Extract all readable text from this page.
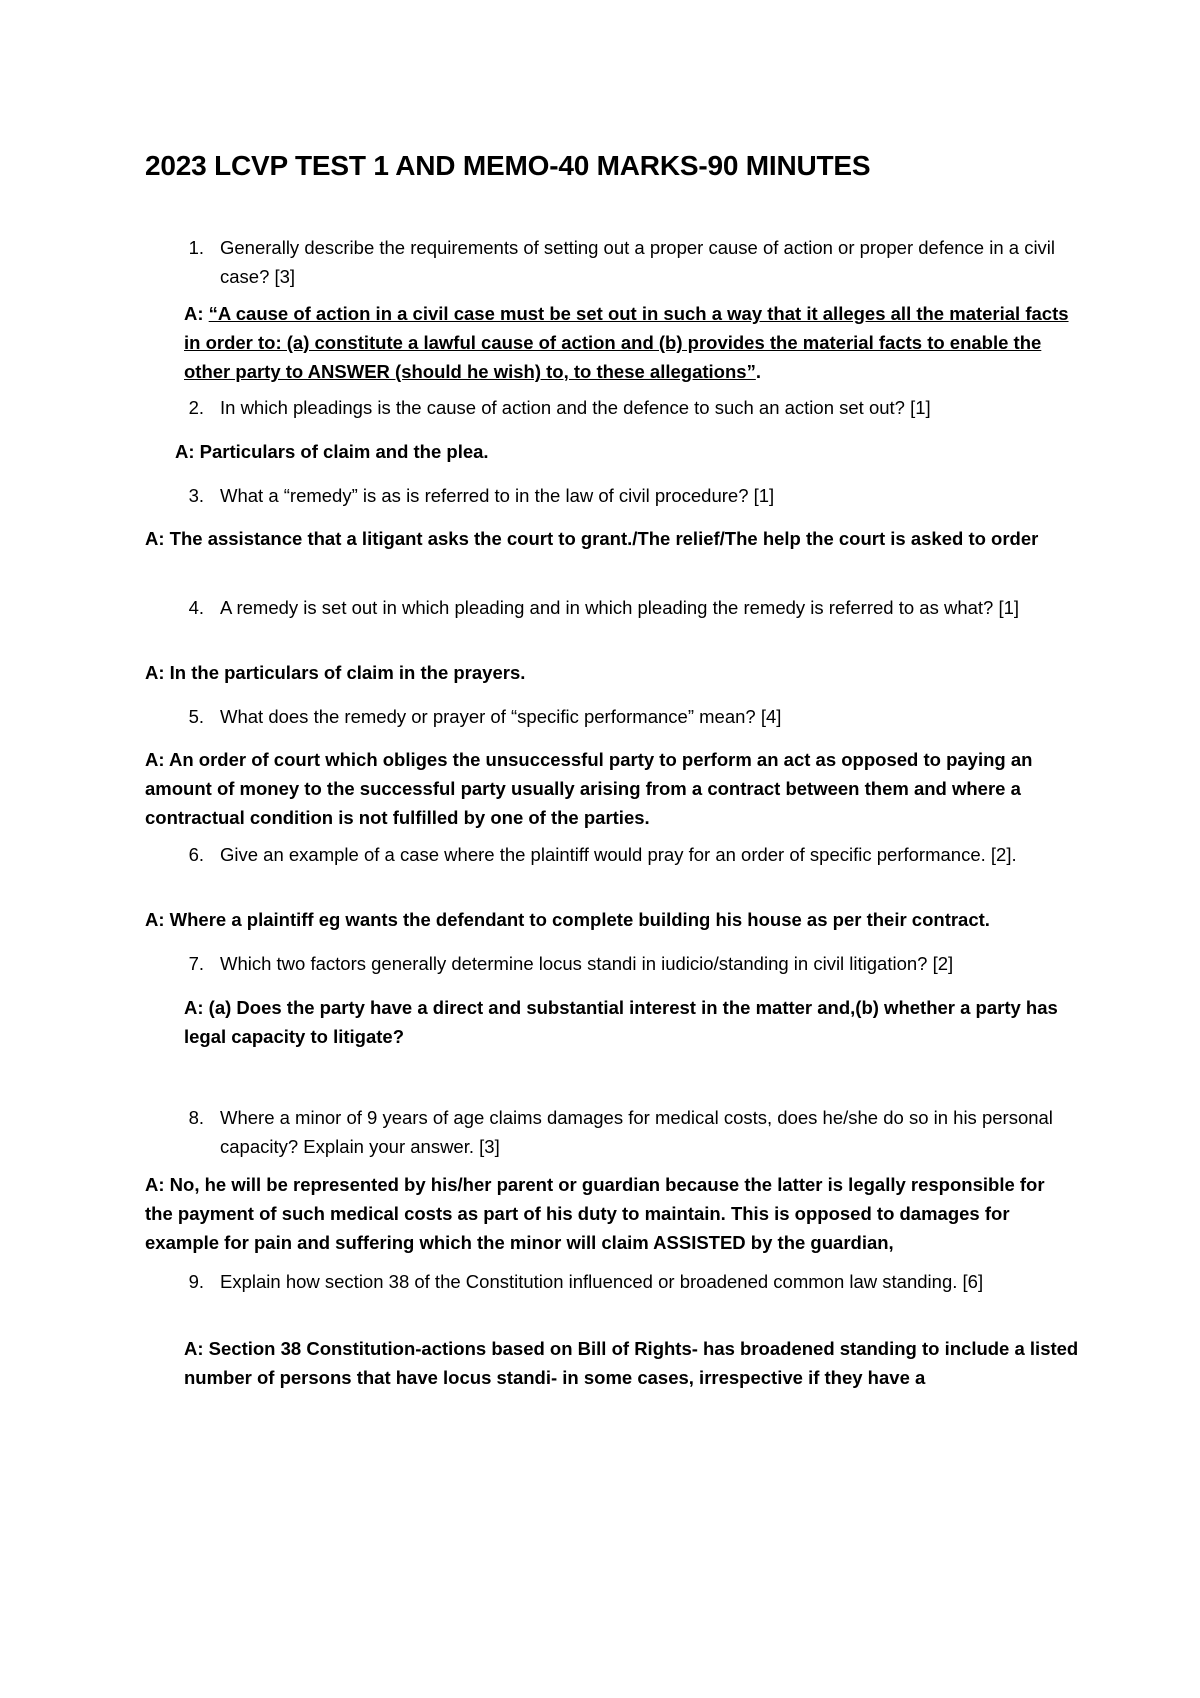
2023 LCVP TEST 1 AND MEMO-40 MARKS-90 MINUTES
1. Generally describe the requirements of setting out a proper cause of action or proper defence in a civil case? [3]
A: “A cause of action in a civil case must be set out in such a way that it alleges all the material facts in order to: (a) constitute a lawful cause of action and (b) provides the material facts to enable the other party to ANSWER (should he wish) to, to these allegations”.
2. In which pleadings is the cause of action and the defence to such an action set out? [1]
A: Particulars of claim and the plea.
3. What a “remedy” is as is referred to in the law of civil procedure? [1]
A: The assistance that a litigant asks the court to grant./The relief/The help the court is asked to order
4. A remedy is set out in which pleading and in which pleading the remedy is referred to as what? [1]
A: In the particulars of claim in the prayers.
5. What does the remedy or prayer of “specific performance” mean? [4]
A: An order of court which obliges the unsuccessful party to perform an act as opposed to paying an amount of money to the successful party usually arising from a contract between them and where a contractual condition is not fulfilled by one of the parties.
6. Give an example of a case where the plaintiff would pray for an order of specific performance. [2].
A: Where a plaintiff eg wants the defendant to complete building his house as per their contract.
7. Which two factors generally determine locus standi in iudicio/standing in civil litigation? [2]
A: (a) Does the party have a direct and substantial interest in the matter and,(b) whether a party has legal capacity to litigate?
8. Where a minor of 9 years of age claims damages for medical costs, does he/she do so in his personal capacity? Explain your answer. [3]
A: No, he will be represented by his/her parent or guardian because the latter is legally responsible for the payment of such medical costs as part of his duty to maintain. This is opposed to damages for example for pain and suffering which the minor will claim ASSISTED by the guardian,
9. Explain how section 38 of the Constitution influenced or broadened common law standing. [6]
A: Section 38 Constitution-actions based on Bill of Rights- has broadened standing to include a listed number of persons that have locus standi- in some cases, irrespective if they have a
